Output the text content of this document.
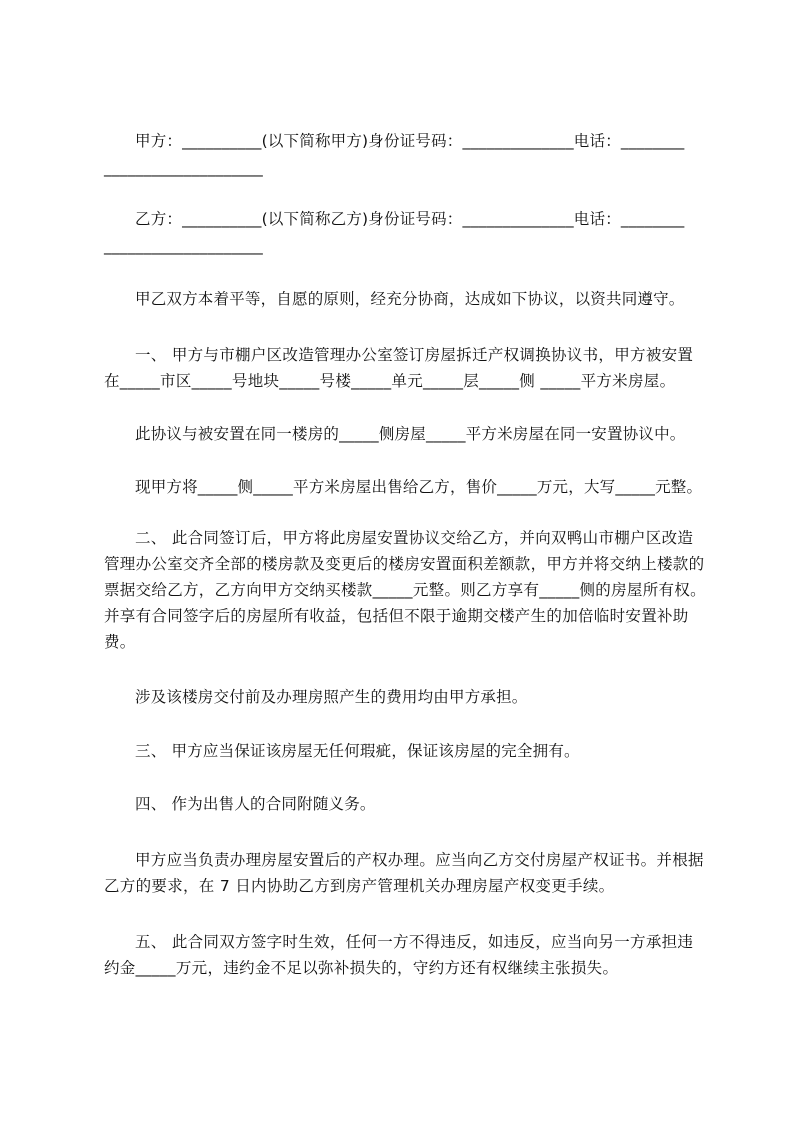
甲方：__________(以下简称甲方)身份证号码：______________电话：________
____________________
乙方：__________(以下简称乙方)身份证号码：______________电话：________
____________________
甲乙双方本着平等，自愿的原则，经充分协商，达成如下协议，以资共同遵守。
一、 甲方与市棚户区改造管理办公室签订房屋拆迁产权调换协议书，甲方被安置在_____市区_____号地块_____号楼_____单元_____层_____侧 _____平方米房屋。
此协议与被安置在同一楼房的_____侧房屋_____平方米房屋在同一安置协议中。
现甲方将_____侧_____平方米房屋出售给乙方，售价_____万元，大写_____元整。
二、 此合同签订后，甲方将此房屋安置协议交给乙方，并向双鸭山市棚户区改造管理办公室交齐全部的楼房款及变更后的楼房安置面积差额款，甲方并将交纳上楼款的票据交给乙方，乙方向甲方交纳买楼款_____元整。则乙方享有_____侧的房屋所有权。并享有合同签字后的房屋所有收益，包括但不限于逾期交楼产生的加倍临时安置补助费。
涉及该楼房交付前及办理房照产生的费用均由甲方承担。
三、 甲方应当保证该房屋无任何瑕疵，保证该房屋的完全拥有。
四、 作为出售人的合同附随义务。
甲方应当负责办理房屋安置后的产权办理。应当向乙方交付房屋产权证书。并根据乙方的要求，在 7 日内协助乙方到房产管理机关办理房屋产权变更手续。
五、 此合同双方签字时生效，任何一方不得违反，如违反，应当向另一方承担违约金_____万元，违约金不足以弥补损失的，守约方还有权继续主张损失。
